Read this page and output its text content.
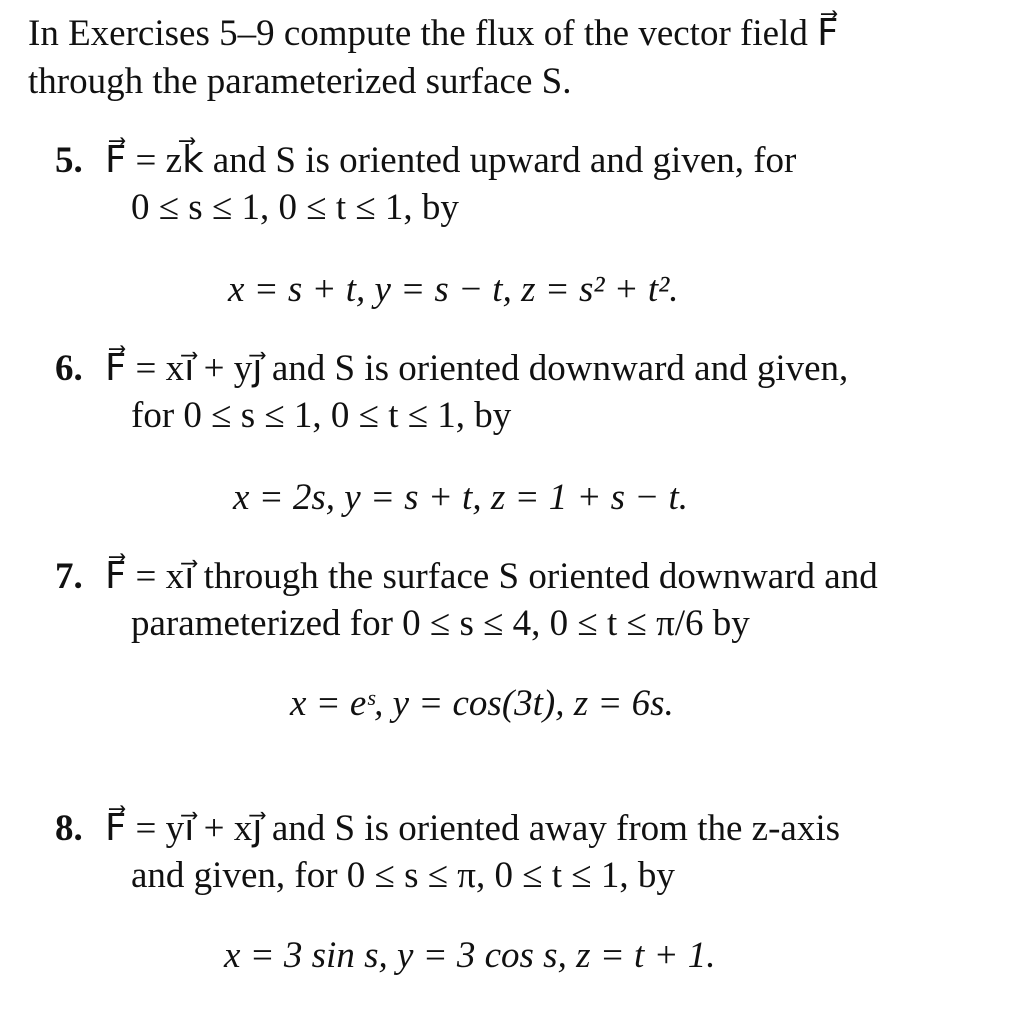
In Exercises 5–9 compute the flux of the vector field F⃗
through the parameterized surface S.
5. F⃗ = zk⃗ and S is oriented upward and given, for
0 ≤ s ≤ 1, 0 ≤ t ≤ 1, by
x = s + t, y = s − t, z = s² + t².
6. F⃗ = xi⃗ + yj⃗ and S is oriented downward and given,
for 0 ≤ s ≤ 1, 0 ≤ t ≤ 1, by
x = 2s, y = s + t, z = 1 + s − t.
7. F⃗ = xi⃗ through the surface S oriented downward and
parameterized for 0 ≤ s ≤ 4, 0 ≤ t ≤ π/6 by
x = eˢ, y = cos(3t), z = 6s.
8. F⃗ = yi⃗ + xj⃗ and S is oriented away from the z-axis
and given, for 0 ≤ s ≤ π, 0 ≤ t ≤ 1, by
x = 3 sin s, y = 3 cos s, z = t + 1.
